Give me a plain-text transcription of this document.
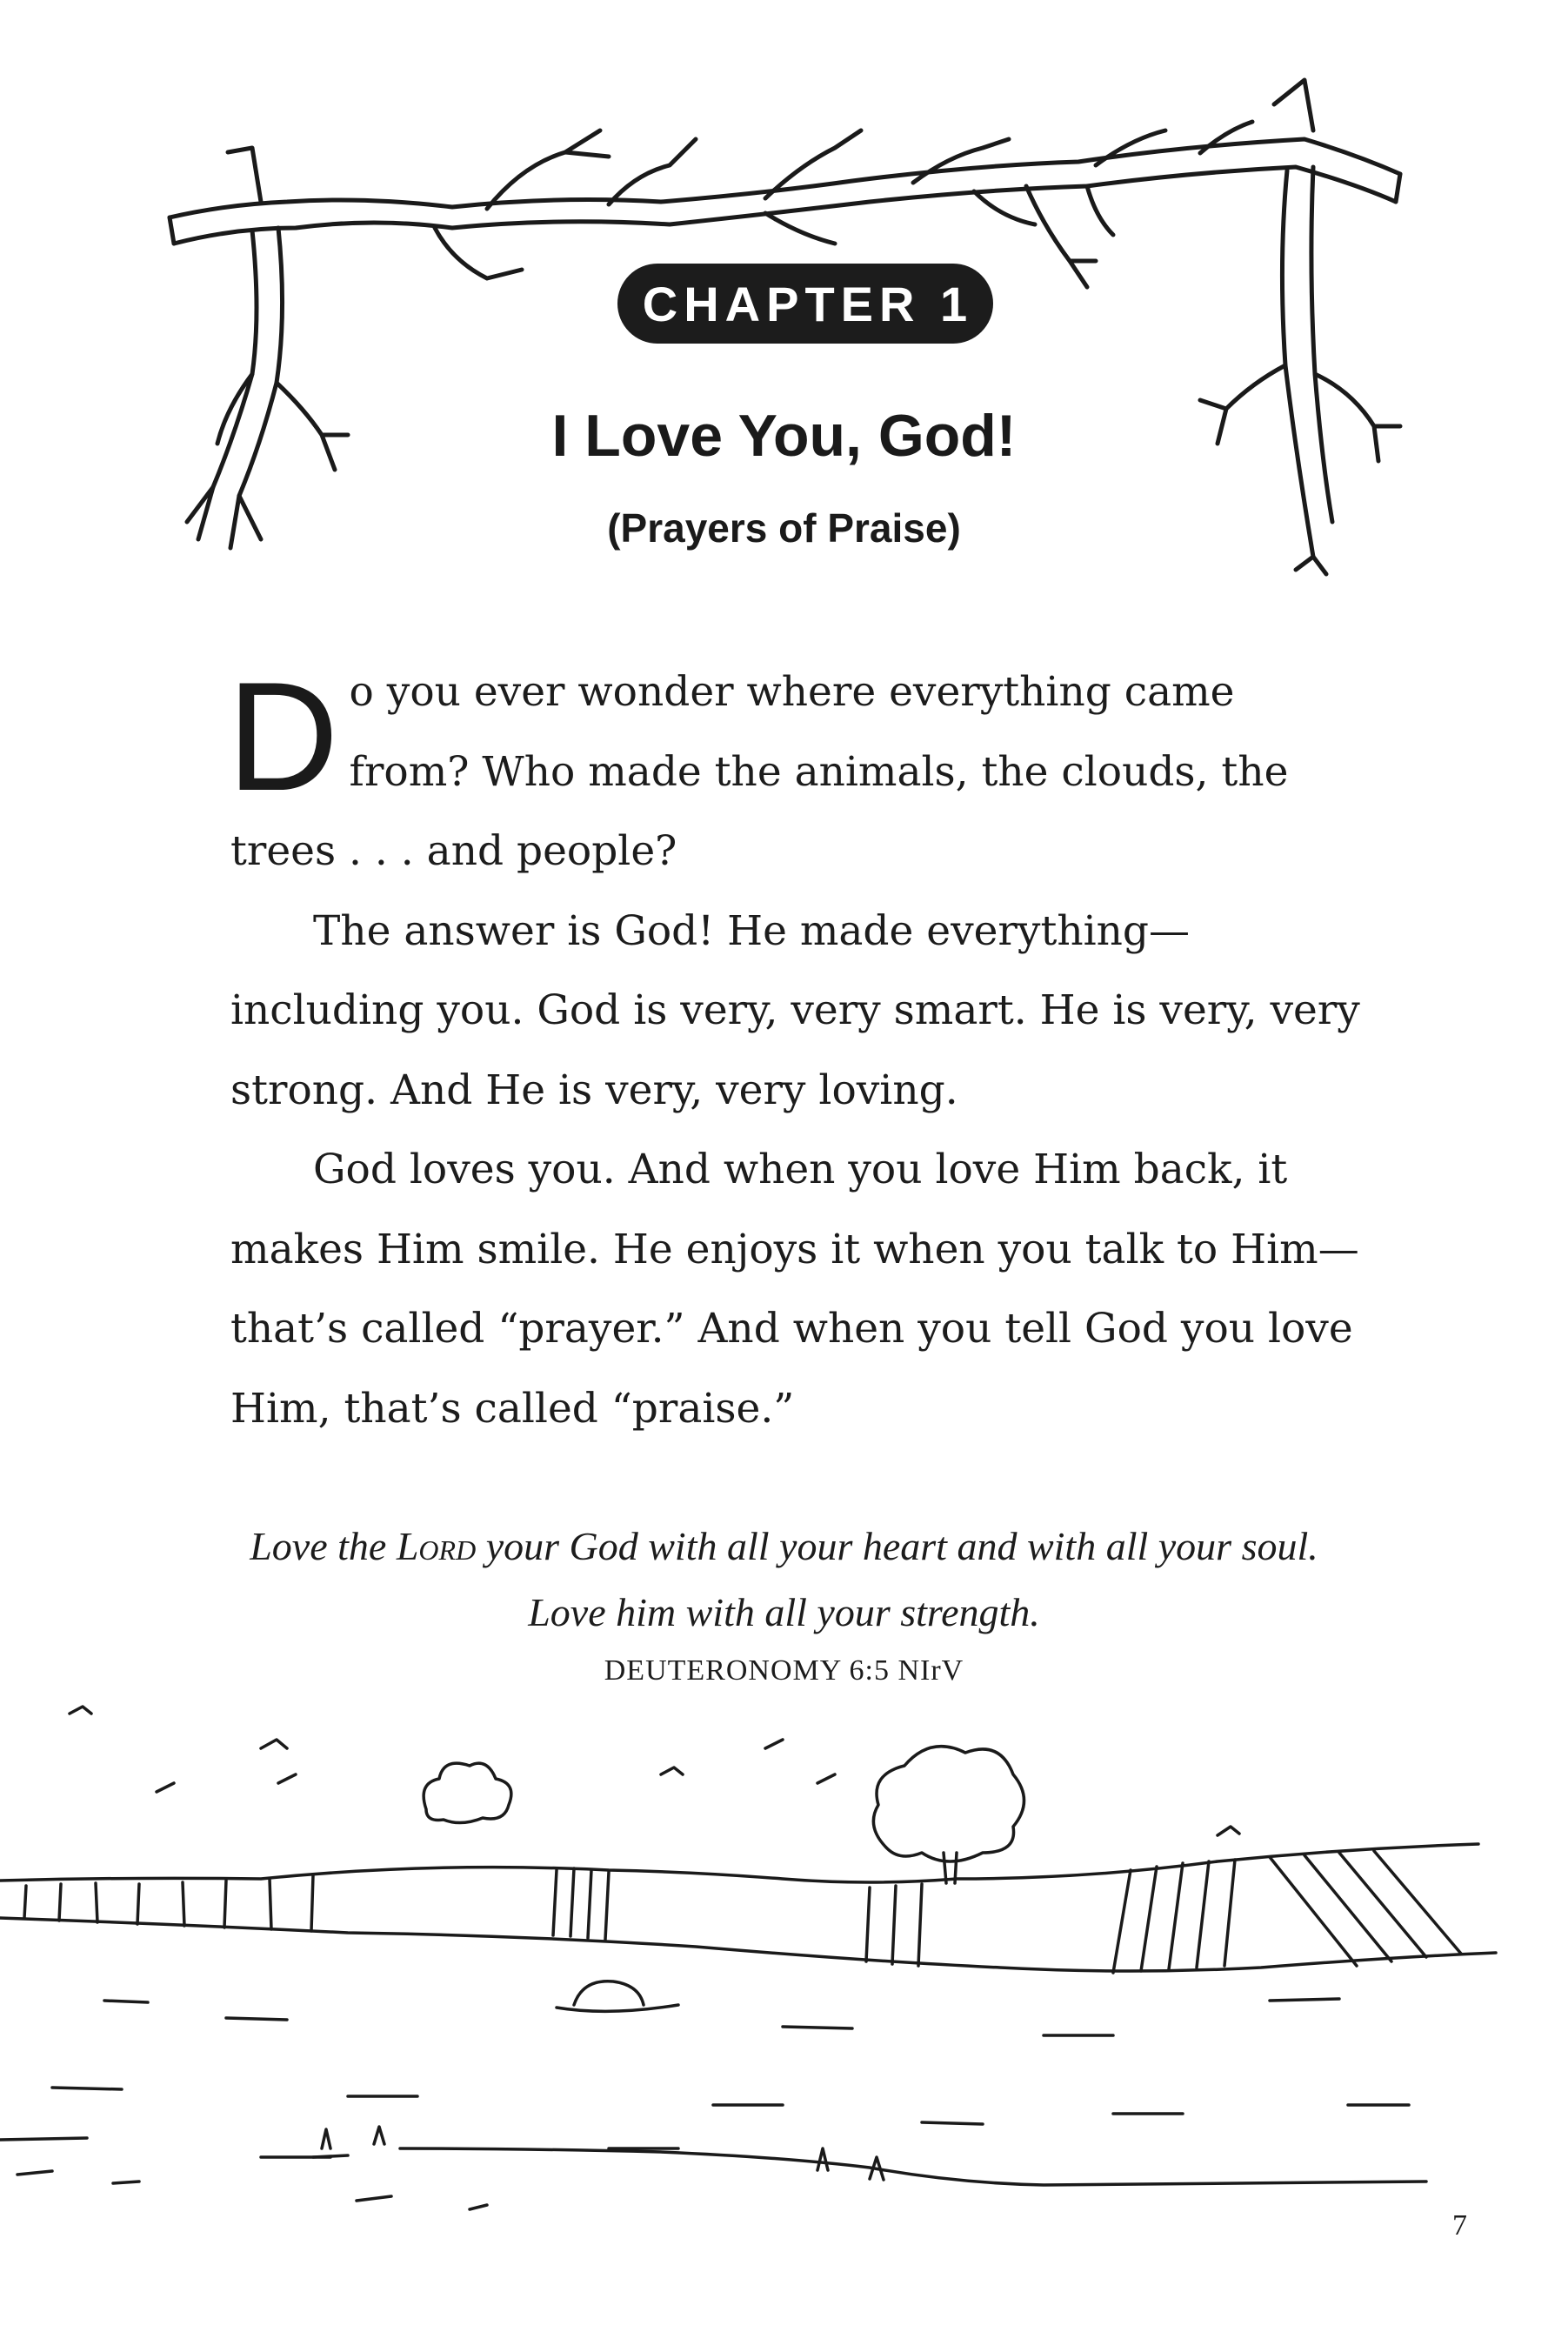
CHAPTER 1
I Love You, God!
(Prayers of Praise)

Do you ever wonder where everything came from? Who made the animals, the clouds, the trees . . . and people?

The answer is God! He made everything—including you. God is very, very smart. He is very, very strong. And He is very, very loving.

God loves you. And when you love Him back, it makes Him smile. He enjoys it when you talk to Him—that’s called “prayer.” And when you tell God you love Him, that’s called “praise.”

Love the Lord your God with all your heart and with all your soul.
Love him with all your strength.
DEUTERONOMY 6:5 NIrV
7
